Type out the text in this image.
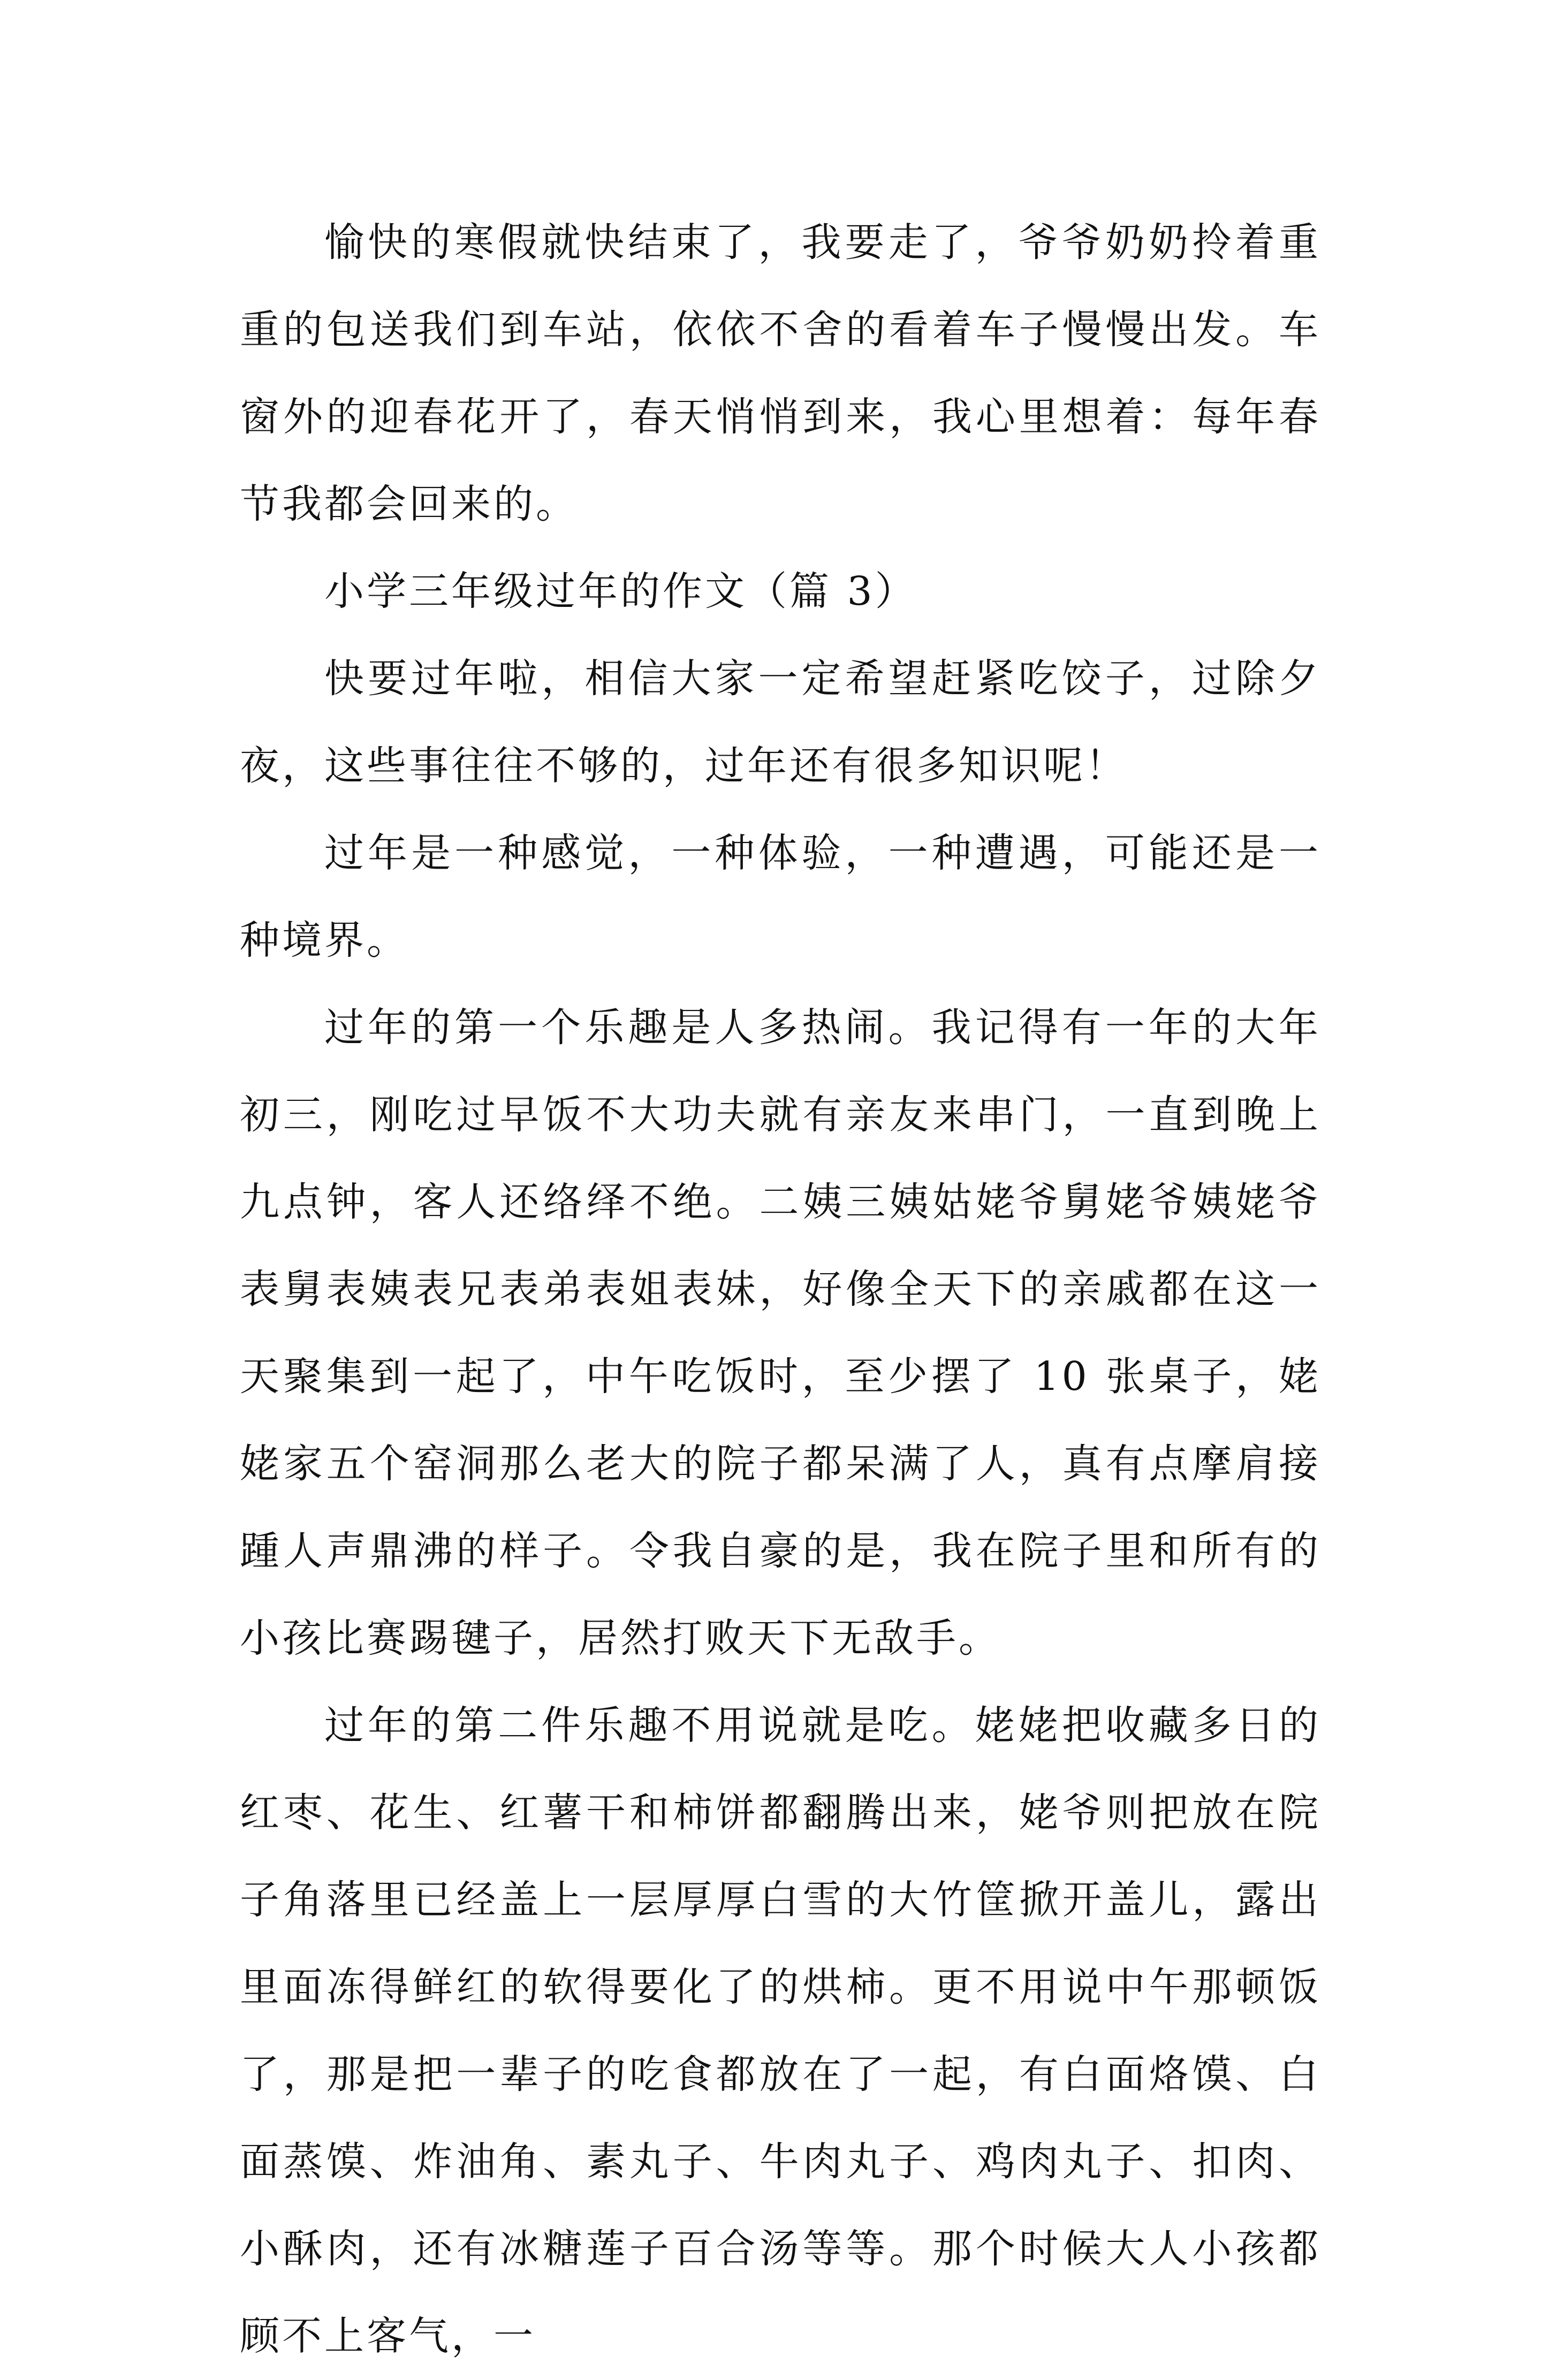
愉快的寒假就快结束了，我要走了，爷爷奶奶拎着重重的包送我们到车站，依依不舍的看着车子慢慢出发。车窗外的迎春花开了，春天悄悄到来，我心里想着：每年春节我都会回来的。

小学三年级过年的作文（篇 3）

快要过年啦，相信大家一定希望赶紧吃饺子，过除夕夜，这些事往往不够的，过年还有很多知识呢！

过年是一种感觉，一种体验，一种遭遇，可能还是一种境界。

过年的第一个乐趣是人多热闹。我记得有一年的大年初三，刚吃过早饭不大功夫就有亲友来串门，一直到晚上九点钟，客人还络绎不绝。二姨三姨姑姥爷舅姥爷姨姥爷表舅表姨表兄表弟表姐表妹，好像全天下的亲戚都在这一天聚集到一起了，中午吃饭时，至少摆了 10 张桌子，姥姥家五个窑洞那么老大的院子都呆满了人，真有点摩肩接踵人声鼎沸的样子。令我自豪的是，我在院子里和所有的小孩比赛踢毽子，居然打败天下无敌手。

过年的第二件乐趣不用说就是吃。姥姥把收藏多日的红枣、花生、红薯干和柿饼都翻腾出来，姥爷则把放在院子角落里已经盖上一层厚厚白雪的大竹筐掀开盖儿，露出里面冻得鲜红的软得要化了的烘柿。更不用说中午那顿饭了，那是把一辈子的吃食都放在了一起，有白面烙馍、白面蒸馍、炸油角、素丸子、牛肉丸子、鸡肉丸子、扣肉、小酥肉，还有冰糖莲子百合汤等等。那个时候大人小孩都顾不上客气，一
